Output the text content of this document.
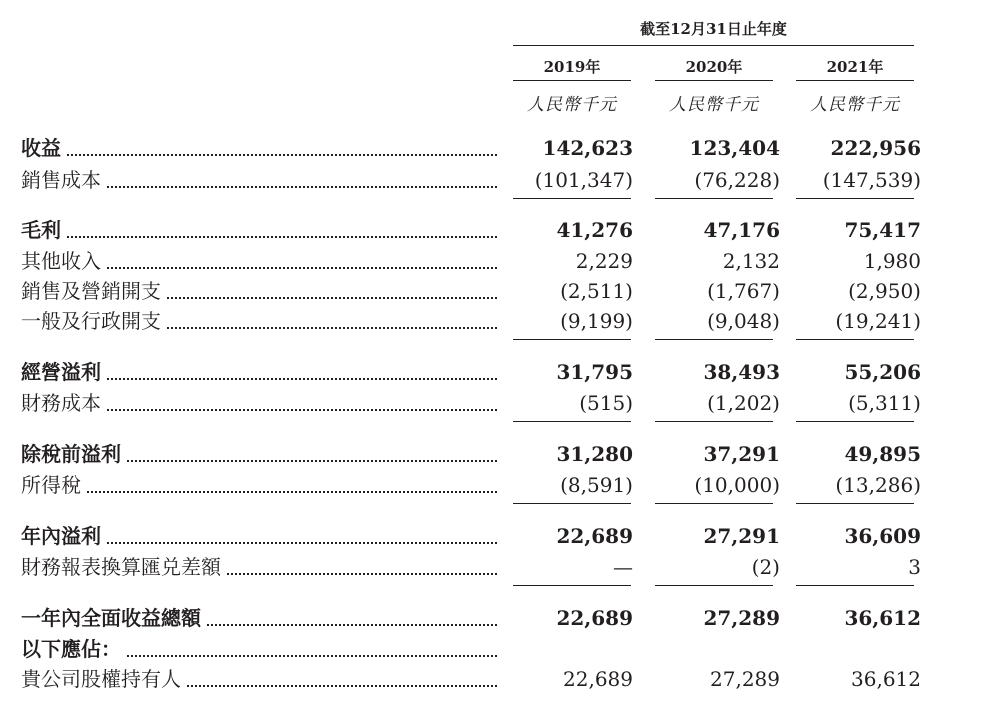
截至12月31日止年度
2019年	2020年	2021年
人民幣千元	人民幣千元	人民幣千元
收益	142,623	123,404	222,956
銷售成本	(101,347)	(76,228)	(147,539)
毛利	41,276	47,176	75,417
其他收入	2,229	2,132	1,980
銷售及營銷開支	(2,511)	(1,767)	(2,950)
一般及行政開支	(9,199)	(9,048)	(19,241)
經營溢利	31,795	38,493	55,206
財務成本	(515)	(1,202)	(5,311)
除稅前溢利	31,280	37,291	49,895
所得稅	(8,591)	(10,000)	(13,286)
年內溢利	22,689	27,291	36,609
財務報表換算匯兑差額	—	(2)	3
一年內全面收益總額	22,689	27,289	36,612
以下應佔：
貴公司股權持有人	22,689	27,289	36,612
